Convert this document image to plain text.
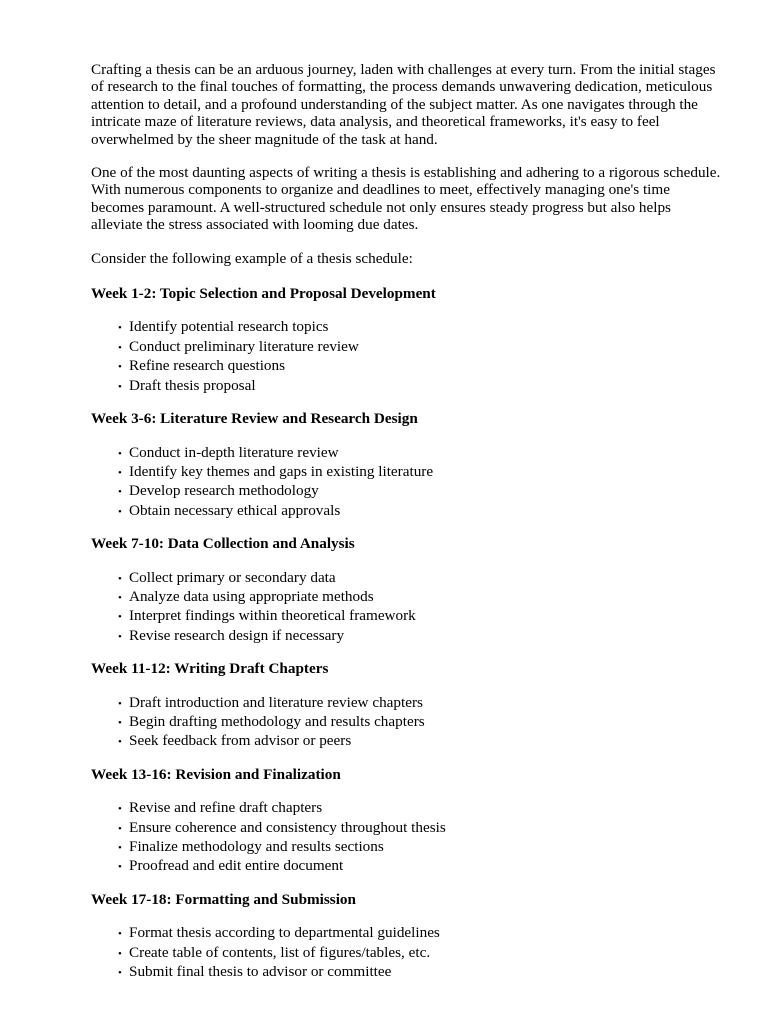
Crafting a thesis can be an arduous journey, laden with challenges at every turn. From the initial stages of research to the final touches of formatting, the process demands unwavering dedication, meticulous attention to detail, and a profound understanding of the subject matter. As one navigates through the intricate maze of literature reviews, data analysis, and theoretical frameworks, it's easy to feel overwhelmed by the sheer magnitude of the task at hand.

One of the most daunting aspects of writing a thesis is establishing and adhering to a rigorous schedule. With numerous components to organize and deadlines to meet, effectively managing one's time becomes paramount. A well-structured schedule not only ensures steady progress but also helps alleviate the stress associated with looming due dates.

Consider the following example of a thesis schedule:

Week 1-2: Topic Selection and Proposal Development
• Identify potential research topics
• Conduct preliminary literature review
• Refine research questions
• Draft thesis proposal
Week 3-6: Literature Review and Research Design
• Conduct in-depth literature review
• Identify key themes and gaps in existing literature
• Develop research methodology
• Obtain necessary ethical approvals
Week 7-10: Data Collection and Analysis
• Collect primary or secondary data
• Analyze data using appropriate methods
• Interpret findings within theoretical framework
• Revise research design if necessary
Week 11-12: Writing Draft Chapters
• Draft introduction and literature review chapters
• Begin drafting methodology and results chapters
• Seek feedback from advisor or peers
Week 13-16: Revision and Finalization
• Revise and refine draft chapters
• Ensure coherence and consistency throughout thesis
• Finalize methodology and results sections
• Proofread and edit entire document
Week 17-18: Formatting and Submission
• Format thesis according to departmental guidelines
• Create table of contents, list of figures/tables, etc.
• Submit final thesis to advisor or committee
